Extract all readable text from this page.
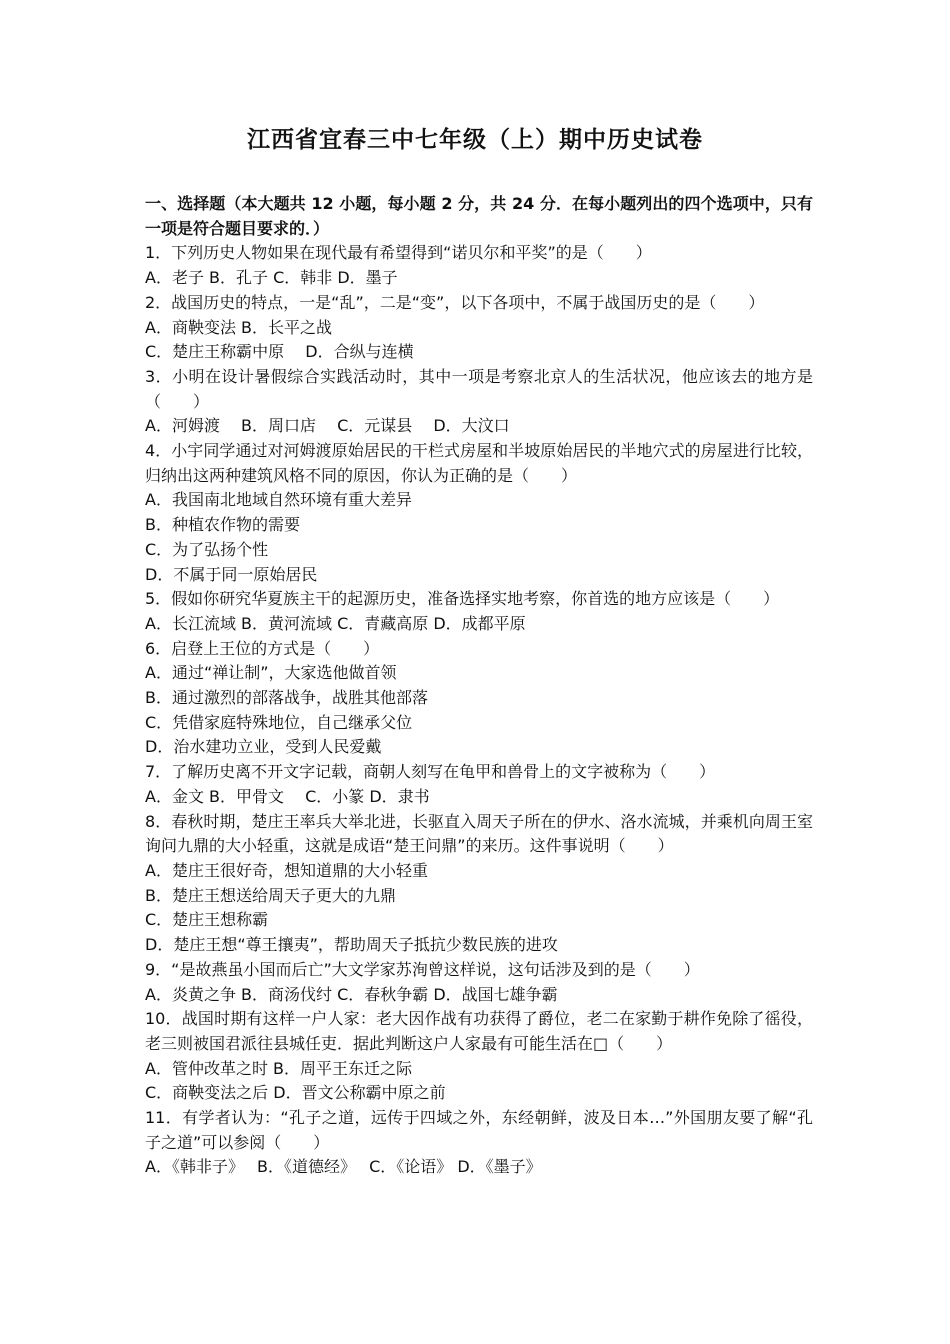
江西省宜春三中七年级（上）期中历史试卷

一、选择题（本大题共 12 小题，每小题 2 分，共 24 分．在每小题列出的四个选项中，只有一项是符合题目要求的．）

1．下列历史人物如果在现代最有希望得到“诺贝尔和平奖”的是（　　）

A．老子 B．孔子 C．韩非 D．墨子

2．战国历史的特点，一是“乱”，二是“变”，以下各项中，不属于战国历史的是（　　）

A．商鞅变法 B．长平之战

C．楚庄王称霸中原　 D．合纵与连横

3．小明在设计暑假综合实践活动时，其中一项是考察北京人的生活状况，他应该去的地方是（　　）

A．河姆渡　 B．周口店　 C．元谋县　 D．大汶口

4．小宇同学通过对河姆渡原始居民的干栏式房屋和半坡原始居民的半地穴式的房屋进行比较，归纳出这两种建筑风格不同的原因，你认为正确的是（　　）

A．我国南北地域自然环境有重大差异

B．种植农作物的需要

C．为了弘扬个性

D．不属于同一原始居民

5．假如你研究华夏族主干的起源历史，准备选择实地考察，你首选的地方应该是（　　）

A．长江流域 B．黄河流域 C．青藏高原 D．成都平原

6．启登上王位的方式是（　　）

A．通过“禅让制”，大家选他做首领

B．通过激烈的部落战争，战胜其他部落

C．凭借家庭特殊地位，自己继承父位

D．治水建功立业，受到人民爱戴

7．了解历史离不开文字记载，商朝人刻写在龟甲和兽骨上的文字被称为（　　）

A．金文 B．甲骨文　 C．小篆 D．隶书

8．春秋时期，楚庄王率兵大举北进，长驱直入周天子所在的伊水、洛水流城，并乘机向周王室询问九鼎的大小轻重，这就是成语“楚王问鼎”的来历。这件事说明（　　）

A．楚庄王很好奇，想知道鼎的大小轻重

B．楚庄王想送给周天子更大的九鼎

C．楚庄王想称霸

D．楚庄王想“尊王攘夷”，帮助周天子抵抗少数民族的进攻

9．“是故燕虽小国而后亡”大文学家苏洵曾这样说，这句话涉及到的是（　　）

A．炎黄之争 B．商汤伐纣 C．春秋争霸 D．战国七雄争霸

10．战国时期有这样一户人家：老大因作战有功获得了爵位，老二在家勤于耕作免除了徭役，老三则被国君派往县城任吏．据此判断这户人家最有可能生活在□（　　）

A．管仲改革之时 B．周平王东迁之际

C．商鞅变法之后 D．晋文公称霸中原之前

11．有学者认为：“孔子之道，远传于四域之外，东经朝鲜，波及日本…”外国朋友要了解“孔子之道”可以参阅（　　）

A．《韩非子》　 B．《道德经》　 C．《论语》 D．《墨子》
